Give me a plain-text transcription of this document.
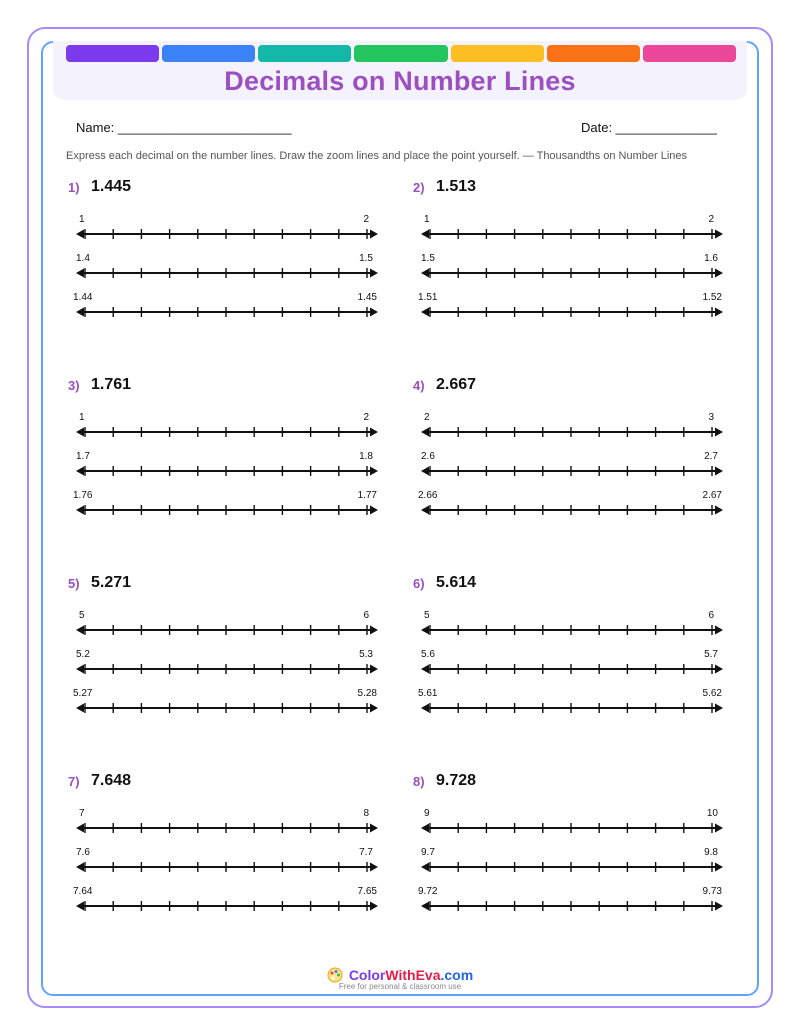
Decimals on Number Lines
Name: ________________________	Date: ______________
Express each decimal on the number lines. Draw the zoom lines and place the point yourself. — Thousandths on Number Lines
1) 1.445
1	2
1.4	1.5
1.44	1.45
2) 1.513
1	2
1.5	1.6
1.51	1.52
3) 1.761
1	2
1.7	1.8
1.76	1.77
4) 2.667
2	3
2.6	2.7
2.66	2.67
5) 5.271
5	6
5.2	5.3
5.27	5.28
6) 5.614
5	6
5.6	5.7
5.61	5.62
7) 7.648
7	8
7.6	7.7
7.64	7.65
8) 9.728
9	10
9.7	9.8
9.72	9.73
ColorWithEva.com
Free for personal & classroom use
